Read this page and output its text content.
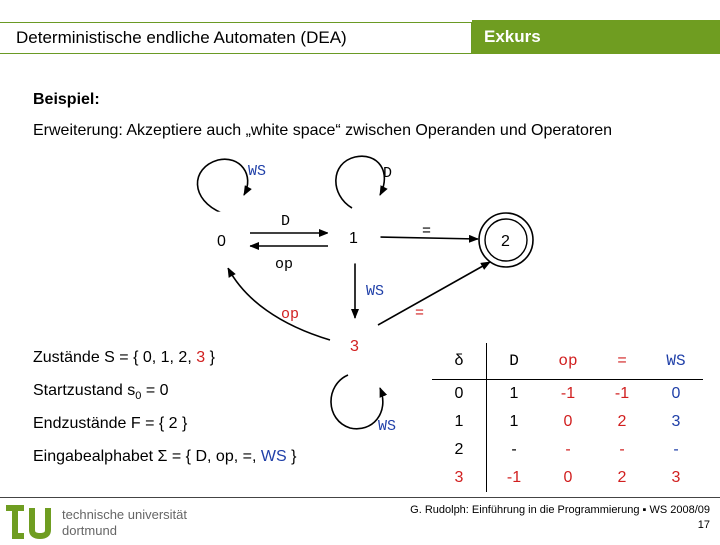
Deterministische endliche Automaten (DEA)	Exkurs
Beispiel:
Erweiterung: Akzeptiere auch „white space“ zwischen Operanden und Operatoren
0	1	2
3
WS	D
D
op
=
WS
op	=
WS
Zustände S = { 0, 1, 2, 3 }
Startzustand $s_0 = 0$
Endzustände F = { 2 }
Eingabealphabet Σ = { D, op, =, WS }
δ	D	op	=	WS
0	1	-1	-1	0
1	1	0	2	3
2	-	-	-	-
3	-1	0	2	3
technische universität
dortmund
G. Rudolph: Einführung in die Programmierung ▪ WS 2008/09
17
